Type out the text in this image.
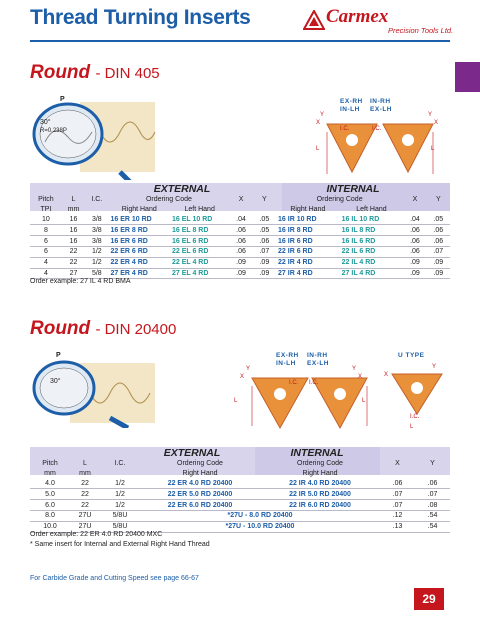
Thread Turning Inserts	Carmex
Precision Tools Ltd.
Round - DIN 405
P
30°
R=0.238P
EX-RH IN-RH
IN-LH EX-LH
I.C.	I.C.
L	L
Y	Y
X	X
EXTERNAL	INTERNAL
Pitch	L	I.C.	Ordering Code		X	Y	Ordering Code		X	Y
TPI	mm		Right Hand	Left Hand			Right Hand	Left Hand		
10	16	3/8	16 ER 10 RD	16 EL 10 RD	.04	.05	16 IR 10 RD	16 IL 10 RD	.04	.05
8	16	3/8	16 ER 8 RD	16 EL 8 RD	.06	.05	16 IR 8 RD	16 IL 8 RD	.06	.06
6	16	3/8	16 ER 6 RD	16 EL 6 RD	.06	.06	16 IR 6 RD	16 IL 6 RD	.06	.06
6	22	1/2	22 ER 6 RD	22 EL 6 RD	.06	.07	22 IR 6 RD	22 IL 6 RD	.06	.07
4	22	1/2	22 ER 4 RD	22 EL 4 RD	.09	.09	22 IR 4 RD	22 IL 4 RD	.09	.09
4	27	5/8	27 ER 4 RD	27 EL 4 RD	.09	.09	27 IR 4 RD	27 IL 4 RD	.09	.09
Order example: 27 IL 4 RD BMA
Round - DIN 20400
P
30°
EX-RH IN-RH
IN-LH EX-LH
U TYPE
I.C. I.C.
I.C.
L	L
L
Y	Y	Y
X	X	X
EXTERNAL	INTERNAL
Pitch	L	I.C.	Ordering Code	Ordering Code	X	Y
mm	mm		Right Hand	Right Hand		
4.0	22	1/2	22 ER 4.0 RD 20400	22 IR 4.0 RD 20400	.06	.06
5.0	22	1/2	22 ER 5.0 RD 20400	22 IR 5.0 RD 20400	.07	.07
6.0	22	1/2	22 ER 6.0 RD 20400	22 IR 6.0 RD 20400	.07	.08
8.0	27U	5/8U	*27U - 8.0 RD 20400		.12	.54
10.0	27U	5/8U	*27U - 10.0 RD 20400		.13	.54
Order example: 22 ER 4.0 RD 20400 MXC
* Same insert for Internal and External Right Hand Thread
For Carbide Grade and Cutting Speed see page 66-67
29
